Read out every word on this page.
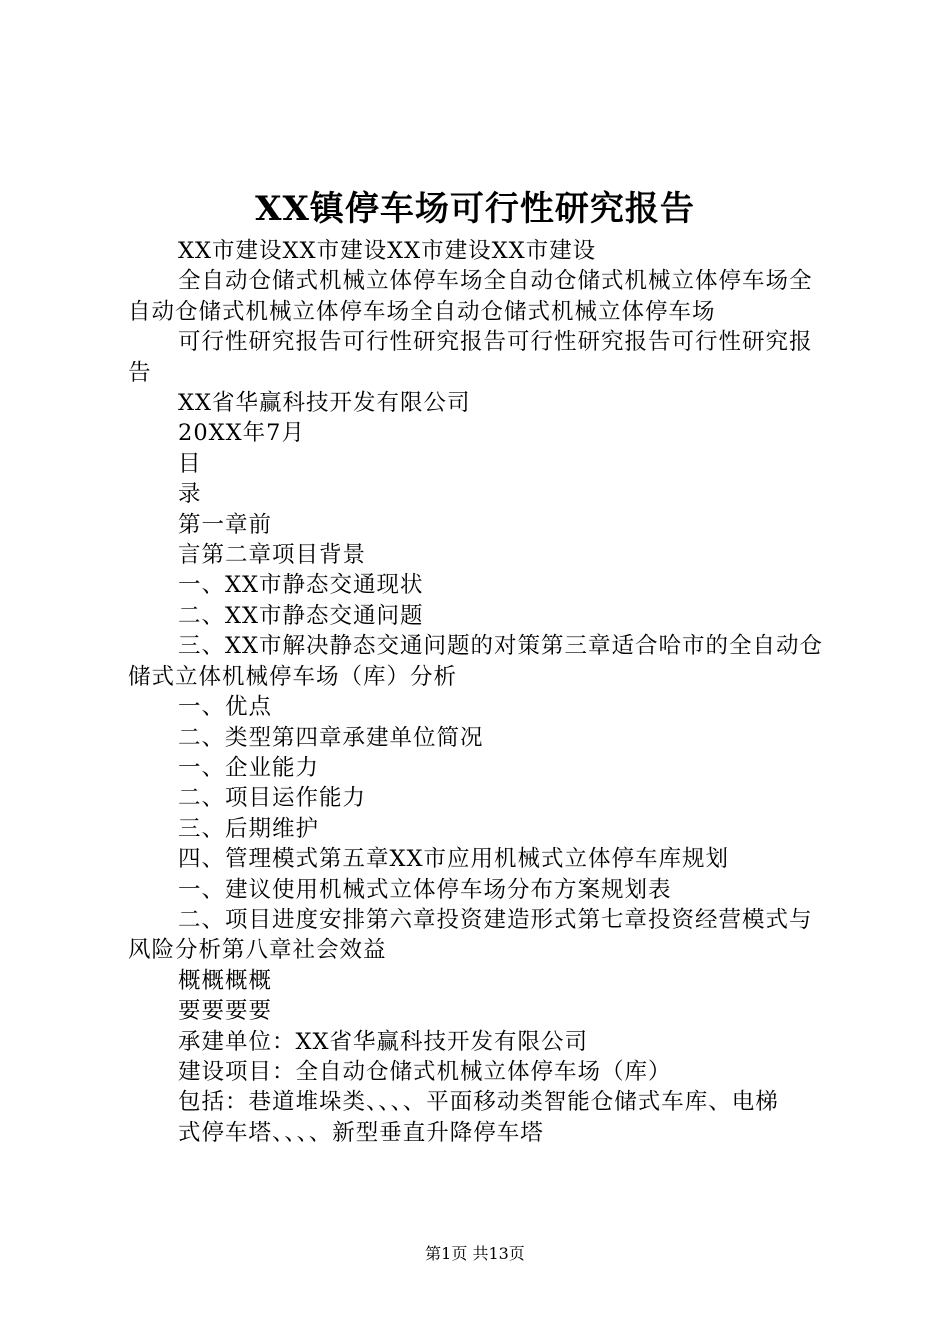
XX镇停车场可行性研究报告

XX市建设XX市建设XX市建设XX市建设

全自动仓储式机械立体停车场全自动仓储式机械立体停车场全自动仓储式机械立体停车场全自动仓储式机械立体停车场

可行性研究报告可行性研究报告可行性研究报告可行性研究报告

XX省华赢科技开发有限公司

20XX年7月

目

录

第一章前

言第二章项目背景

一、XX市静态交通现状

二、XX市静态交通问题

三、XX市解决静态交通问题的对策第三章适合哈市的全自动仓储式立体机械停车场（库）分析

一、优点

二、类型第四章承建单位简况

一、企业能力

二、项目运作能力

三、后期维护

四、管理模式第五章XX市应用机械式立体停车库规划

一、建议使用机械式立体停车场分布方案规划表

二、项目进度安排第六章投资建造形式第七章投资经营模式与风险分析第八章社会效益

概概概概

要要要要

承建单位：XX省华赢科技开发有限公司

建设项目：全自动仓储式机械立体停车场（库）

包括：巷道堆垛类、、、、平面移动类智能仓储式车库、电梯

式停车塔、、、、新型垂直升降停车塔

第1页 共13页
